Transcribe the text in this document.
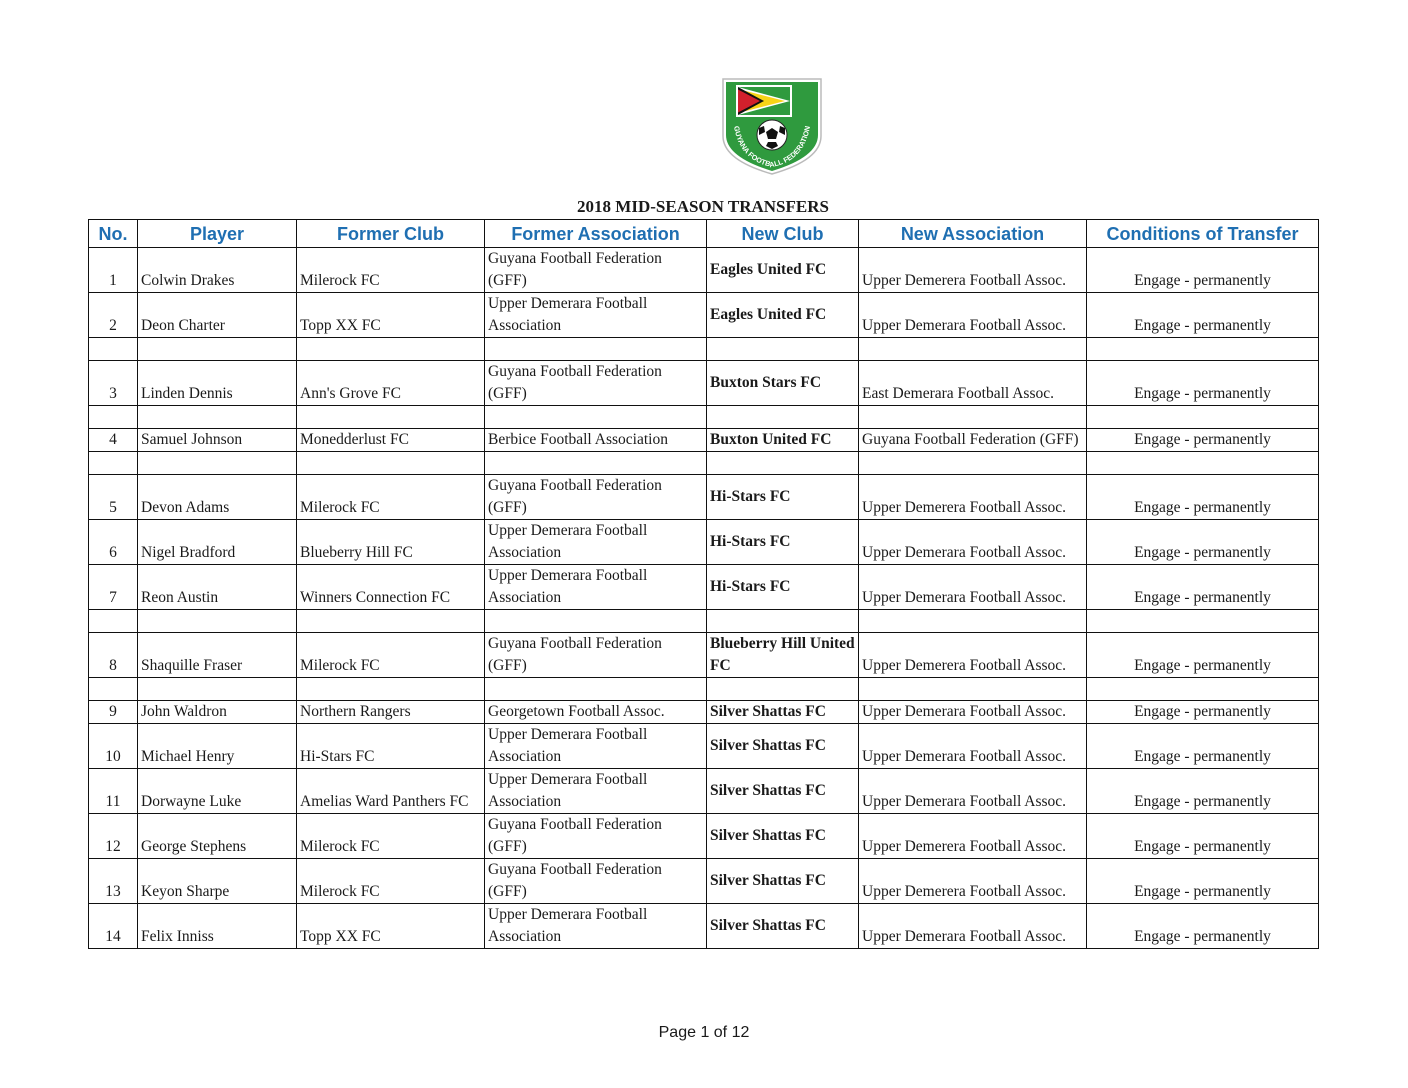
GUYANA FOOTBALL FEDERATION
2018 MID-SEASON TRANSFERS
No.	Player	Former Club	Former Association	New Club	New Association	Conditions of Transfer
1	Colwin Drakes	Milerock FC	Guyana Football Federation (GFF)	Eagles United FC	Upper Demerera Football Assoc.	Engage - permanently
2	Deon Charter	Topp XX FC	Upper Demerara Football Association	Eagles United FC	Upper Demerara Football Assoc.	Engage - permanently

3	Linden Dennis	Ann's Grove FC	Guyana Football Federation (GFF)	Buxton Stars FC	East Demerara Football Assoc.	Engage - permanently

4	Samuel Johnson	Monedderlust FC	Berbice Football Association	Buxton United FC	Guyana Football Federation (GFF)	Engage - permanently

5	Devon Adams	Milerock FC	Guyana Football Federation (GFF)	Hi-Stars FC	Upper Demerera Football Assoc.	Engage - permanently
6	Nigel Bradford	Blueberry Hill FC	Upper Demerara Football Association	Hi-Stars FC	Upper Demerara Football Assoc.	Engage - permanently
7	Reon Austin	Winners Connection FC	Upper Demerara Football Association	Hi-Stars FC	Upper Demerara Football Assoc.	Engage - permanently

8	Shaquille Fraser	Milerock FC	Guyana Football Federation (GFF)	Blueberry Hill United FC	Upper Demerera Football Assoc.	Engage - permanently

9	John Waldron	Northern Rangers	Georgetown Football Assoc.	Silver Shattas FC	Upper Demerara Football Assoc.	Engage - permanently
10	Michael Henry	Hi-Stars FC	Upper Demerara Football Association	Silver Shattas FC	Upper Demerara Football Assoc.	Engage - permanently
11	Dorwayne Luke	Amelias Ward Panthers FC	Upper Demerara Football Association	Silver Shattas FC	Upper Demerara Football Assoc.	Engage - permanently
12	George Stephens	Milerock FC	Guyana Football Federation (GFF)	Silver Shattas FC	Upper Demerera Football Assoc.	Engage - permanently
13	Keyon Sharpe	Milerock FC	Guyana Football Federation (GFF)	Silver Shattas FC	Upper Demerera Football Assoc.	Engage - permanently
14	Felix Inniss	Topp XX FC	Upper Demerara Football Association	Silver Shattas FC	Upper Demerara Football Assoc.	Engage - permanently
Page 1 of 12
